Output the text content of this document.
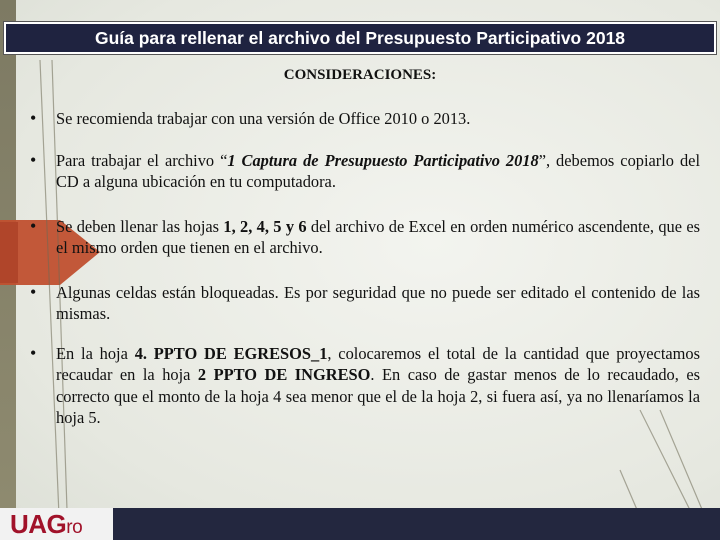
Guía para rellenar el archivo del Presupuesto Participativo 2018
CONSIDERACIONES:
• Se recomienda trabajar con una versión de Office 2010 o 2013.
• Para trabajar el archivo “1 Captura de Presupuesto Participativo 2018”, debemos copiarlo del CD a alguna ubicación en tu computadora.
• Se deben llenar las hojas 1, 2, 4, 5 y 6 del archivo de Excel en orden numérico ascendente, que es el mismo orden que tienen en el archivo.
• Algunas celdas están bloqueadas. Es por seguridad que no puede ser editado el contenido de las mismas.
• En la hoja 4. PPTO DE EGRESOS_1, colocaremos el total de la cantidad que proyectamos recaudar en la hoja 2 PPTO DE INGRESO. En caso de gastar menos de lo recaudado, es correcto que el monto de la hoja 4 sea menor que el de la hoja 2, si fuera así, ya no llenaríamos la hoja 5.
UAGro
